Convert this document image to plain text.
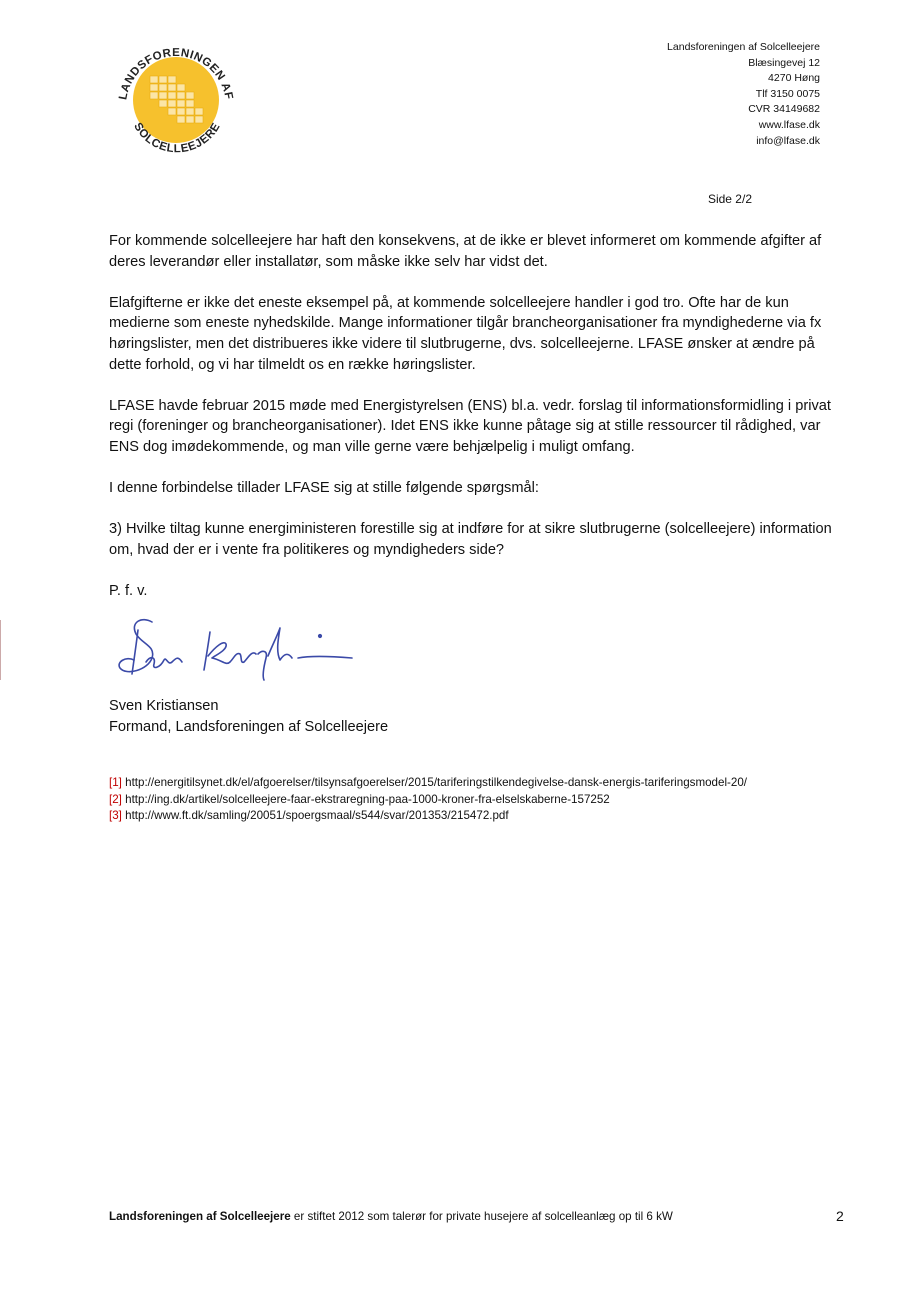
LANDSFORENINGEN AF
SOLCELLEEJERE
Landsforeningen af Solcelleejere
Blæsingevej 12
4270 Høng
Tlf 3150 0075
CVR 34149682
www.lfase.dk
info@lfase.dk
Side 2/2

For kommende solcelleejere har haft den konsekvens, at de ikke er blevet informeret om kommende afgifter af deres leverandør eller installatør, som måske ikke selv har vidst det.

Elafgifterne er ikke det eneste eksempel på, at kommende solcelleejere handler i god tro. Ofte har de kun medierne som eneste nyhedskilde. Mange informationer tilgår brancheorganisationer fra myndighederne via fx høringslister, men det distribueres ikke videre til slutbrugerne, dvs. solcelleejerne. LFASE ønsker at ændre på dette forhold, og vi har tilmeldt os en række høringslister.

LFASE havde februar 2015 møde med Energistyrelsen (ENS) bl.a. vedr. forslag til informationsformidling i privat regi (foreninger og brancheorganisationer). Idet ENS ikke kunne påtage sig at stille ressourcer til rådighed, var ENS dog imødekommende, og man ville gerne være behjælpelig i muligt omfang.

I denne forbindelse tillader LFASE sig at stille følgende spørgsmål:

3) Hvilke tiltag kunne energiministeren forestille sig at indføre for at sikre slutbrugerne (solcelleejere) information om, hvad der er i vente fra politikeres og myndigheders side?

P. f. v.

Sven Kristiansen
Formand, Landsforeningen af Solcelleejere
[1] http://energitilsynet.dk/el/afgoerelser/tilsynsafgoerelser/2015/tariferingstilkendegivelse-dansk-energis-tariferingsmodel-20/
[2] http://ing.dk/artikel/solcelleejere-faar-ekstraregning-paa-1000-kroner-fra-elselskaberne-157252
[3] http://www.ft.dk/samling/20051/spoergsmaal/s544/svar/201353/215472.pdf
Landsforeningen af Solcelleejere er stiftet 2012 som talerør for private husejere af solcelleanlæg op til 6 kW	2
